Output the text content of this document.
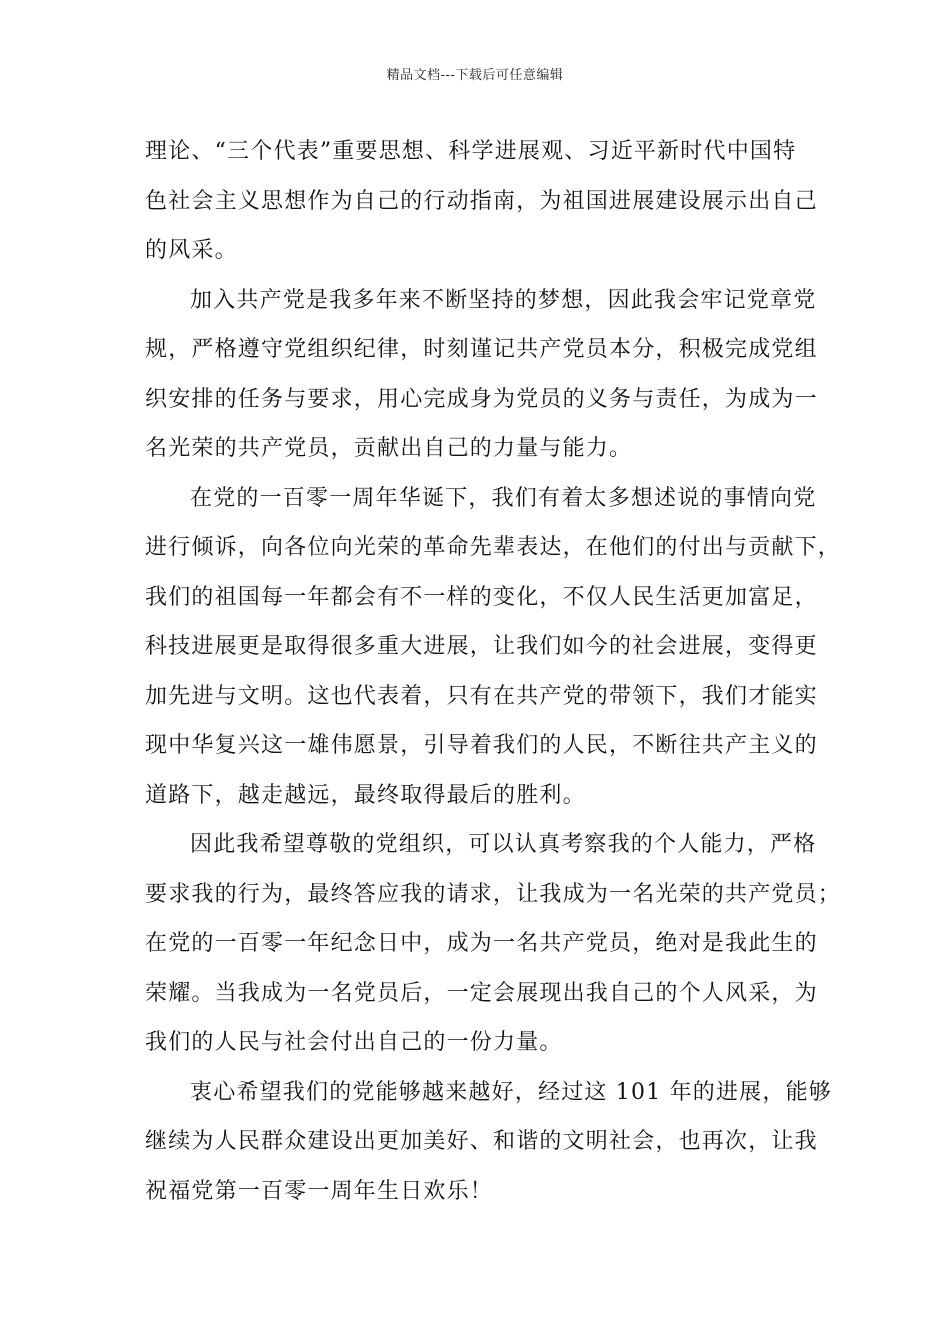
精品文档---下载后可任意编辑
理论、“三个代表”重要思想、科学进展观、习近平新时代中国特
色社会主义思想作为自己的行动指南，为祖国进展建设展示出自己
的风采。
加入共产党是我多年来不断坚持的梦想，因此我会牢记党章党
规，严格遵守党组织纪律，时刻谨记共产党员本分，积极完成党组
织安排的任务与要求，用心完成身为党员的义务与责任，为成为一
名光荣的共产党员，贡献出自己的力量与能力。
在党的一百零一周年华诞下，我们有着太多想述说的事情向党
进行倾诉，向各位向光荣的革命先辈表达，在他们的付出与贡献下，
我们的祖国每一年都会有不一样的变化，不仅人民生活更加富足，
科技进展更是取得很多重大进展，让我们如今的社会进展，变得更
加先进与文明。这也代表着，只有在共产党的带领下，我们才能实
现中华复兴这一雄伟愿景，引导着我们的人民，不断往共产主义的
道路下，越走越远，最终取得最后的胜利。
因此我希望尊敬的党组织，可以认真考察我的个人能力，严格
要求我的行为，最终答应我的请求，让我成为一名光荣的共产党员；
在党的一百零一年纪念日中，成为一名共产党员，绝对是我此生的
荣耀。当我成为一名党员后，一定会展现出我自己的个人风采，为
我们的人民与社会付出自己的一份力量。
衷心希望我们的党能够越来越好，经过这 101 年的进展，能够
继续为人民群众建设出更加美好、和谐的文明社会，也再次，让我
祝福党第一百零一周年生日欢乐！
